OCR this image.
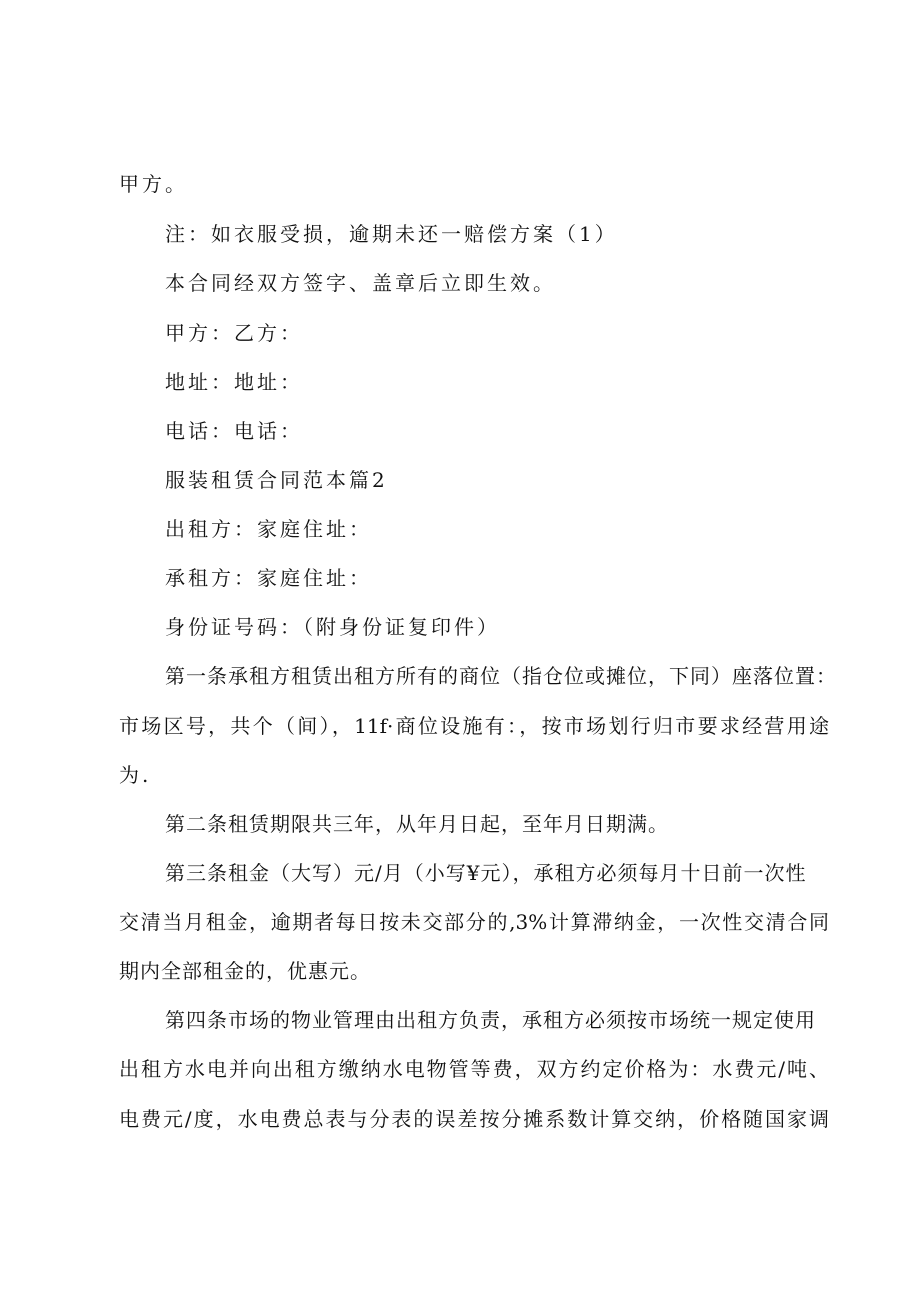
甲方。
注：如衣服受损，逾期未还一赔偿方案（1）
本合同经双方签字、盖章后立即生效。
甲方：乙方：
地址：地址：
电话：电话：
服装租赁合同范本篇2
出租方：家庭住址：
承租方：家庭住址：
身份证号码：（附身份证复印件）
第一条承租方租赁出租方所有的商位（指仓位或摊位，下同）座落位置：
市场区号，共个（间），11f·商位设施有：，按市场划行归市要求经营用途
为.
第二条租赁期限共三年，从年月日起，至年月日期满。
第三条租金（大写）元/月（小写¥元），承租方必须每月十日前一次性
交清当月租金，逾期者每日按未交部分的,3%计算滞纳金，一次性交清合同
期内全部租金的，优惠元。
第四条市场的物业管理由出租方负责，承租方必须按市场统一规定使用
出租方水电并向出租方缴纳水电物管等费，双方约定价格为：水费元/吨、
电费元/度，水电费总表与分表的误差按分摊系数计算交纳，价格随国家调
